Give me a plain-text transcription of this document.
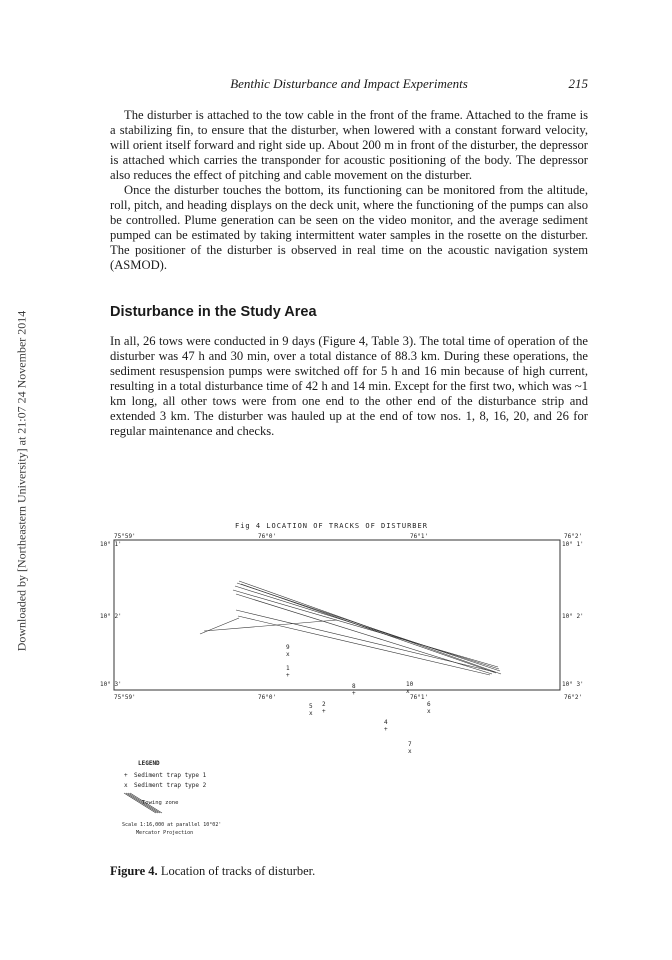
Benthic Disturbance and Impact Experiments	215
Downloaded by [Northeastern University] at 21:07 24 November 2014

The disturber is attached to the tow cable in the front of the frame. Attached to the frame is a stabilizing fin, to ensure that the disturber, when lowered with a constant forward velocity, will orient itself forward and right side up. About 200 m in front of the disturber, the depressor is attached which carries the transponder for acoustic positioning of the body. The depressor also reduces the effect of pitching and cable movement on the disturber.

Once the disturber touches the bottom, its functioning can be monitored from the altitude, roll, pitch, and heading displays on the deck unit, where the functioning of the pumps can also be controlled. Plume generation can be seen on the video monitor, and the average sediment pumped can be estimated by taking intermittent water samples in the rosette on the disturber. The positioner of the disturber is observed in real time on the acoustic navigation system (ASMOD).

Disturbance in the Study Area

In all, 26 tows were conducted in 9 days (Figure 4, Table 3). The total time of operation of the disturber was 47 h and 30 min, over a total distance of 88.3 km. During these operations, the sediment resuspension pumps were switched off for 5 h and 16 min because of high current, resulting in a total disturbance time of 42 h and 14 min. Except for the first two, which was ~1 km long, all other tows were from one end to the other end of the disturbance strip and extended 3 km. The disturber was hauled up at the end of tow nos. 1, 8, 16, 20, and 26 for regular maintenance and checks.

Fig 4 LOCATION OF TRACKS OF DISTURBER
75°59'	76°0'	76°1'	76°2'
75°59'	76°0'	76°1'	76°2'
10° 1'
10° 2'
10° 3'
10° 1'
10° 2'
10° 3'
9
x
1
+
8
+
10
x
5
x
2
+
6
x
4
+
7
x
LEGEND
+ Sediment trap type 1
x Sediment trap type 2
Towing zone
Scale 1:16,000 at parallel 10°02'
Mercator Projection
Figure 4. Location of tracks of disturber.
